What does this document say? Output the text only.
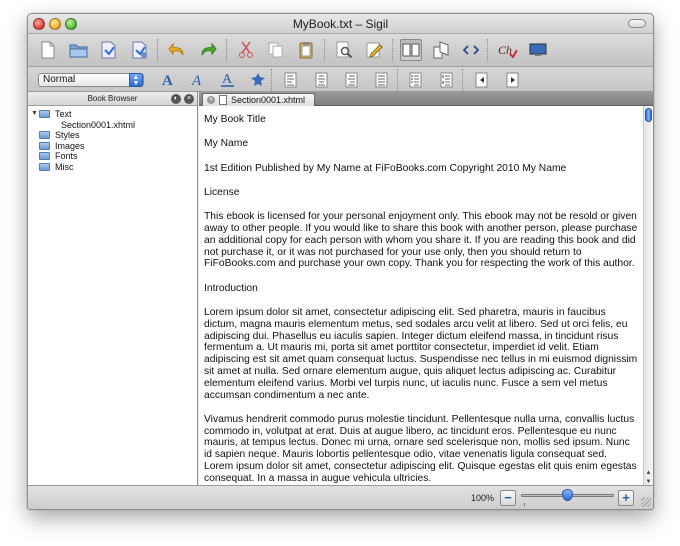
MyBook.txt – Sigil
Ch
Normal	▲
▼ A A A
Book Browser	◐	×
▼ Text
Section0001.xhtml
Styles
Images
Fonts
Misc
× Section0001.xhtml

My Book Title

My Name

1st Edition Published by My Name at FiFoBooks.com Copyright 2010 My Name

License

This ebook is licensed for your personal enjoyment only. This ebook may not be resold or given away to other people. If you would like to share this book with another person, please purchase an additional copy for each person with whom you share it. If you are reading this book and did not purchase it, or it was not purchased for your use only, then you should return to FiFoBooks.com and purchase your own copy. Thank you for respecting the work of this author.

Introduction

Lorem ipsum dolor sit amet, consectetur adipiscing elit. Sed pharetra, mauris in faucibus dictum, magna mauris elementum metus, sed sodales arcu velit at libero. Sed ut orci felis, eu adipiscing dui. Phasellus eu iaculis sapien. Integer dictum eleifend massa, in tincidunt risus fermentum a. Ut mauris mi, porta sit amet porttitor consectetur, imperdiet id velit. Etiam adipiscing est sit amet quam consequat luctus. Suspendisse nec tellus in mi euismod dignissim sit amet at nulla. Sed ornare elementum augue, quis aliquet lectus adipiscing ac. Curabitur elementum eleifend varius. Morbi vel turpis nunc, ut iaculis nunc. Fusce a sem vel metus accumsan condimentum a nec ante.

Vivamus hendrerit commodo purus molestie tincidunt. Pellentesque nulla urna, convallis luctus commodo in, volutpat at erat. Duis at augue libero, ac tincidunt eros. Pellentesque eu nunc mauris, at tempus lectus. Donec mi urna, ornare sed scelerisque non, mollis sed ipsum. Nunc id sapien neque. Mauris lobortis pellentesque odio, vitae venenatis ligula consequat sed. Lorem ipsum dolor sit amet, consectetur adipiscing elit. Quisque egestas elit quis enim egestas consequat. In a massa in augue vehicula ultricies.	▲
▼
100% −	+
